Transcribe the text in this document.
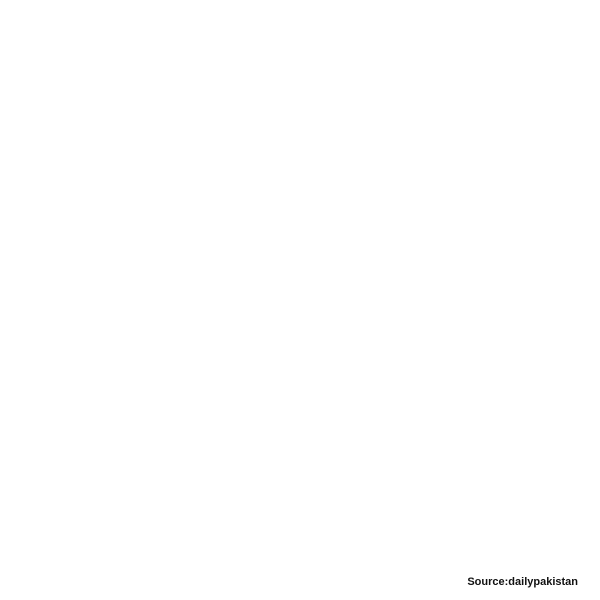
Source:dailypakistan
